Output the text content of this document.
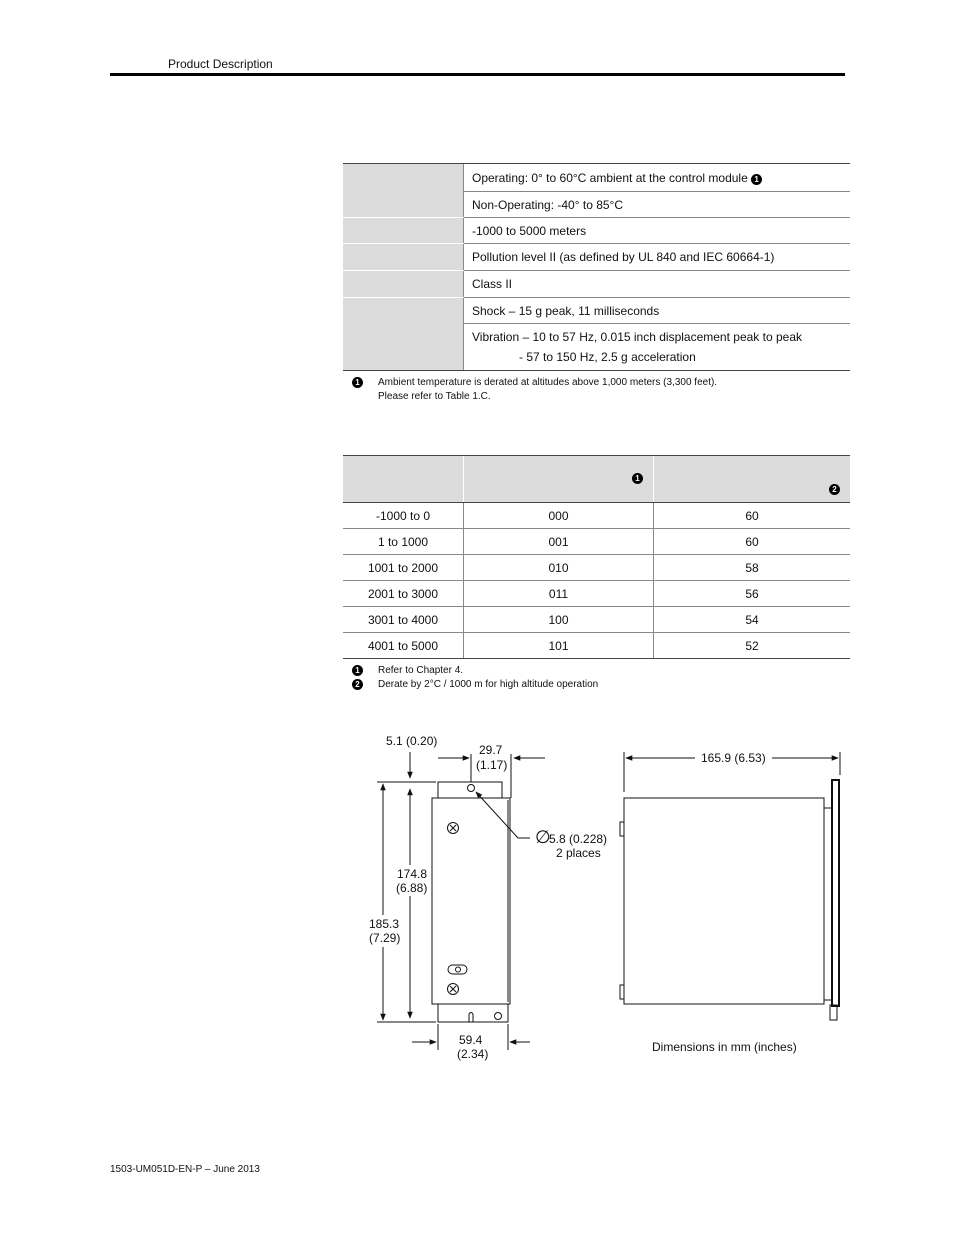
Product Description
	Operating: 0° to 60°C ambient at the control module 1
	Non-Operating: -40° to 85°C
	-1000 to 5000 meters
	Pollution level II (as defined by UL 840 and IEC 60664-1)
	Class II
	Shock – 15 g peak, 11 milliseconds

	Vibration – 10 to 57 Hz, 0.015 inch displacement peak to peak
- 57 to 150 Hz, 2.5 g acceleration
1	Ambient temperature is derated at altitudes above 1,000 meters (3,300 feet).
Please refer to Table 1.C.

	1	2

-1000 to 0	000	60
1 to 1000	001	60
1001 to 2000	010	58
2001 to 3000	011	56
3001 to 4000	100	54
4001 to 5000	101	52
1	Refer to Chapter 4.
2	Derate by 2°C / 1000 m for high altitude operation
5.1 (0.20)
29.7
(1.17)
∅
5.8 (0.228)
2 places
174.8
(6.88)
185.3
(7.29)
59.4
(2.34)
165.9 (6.53)
Dimensions in mm (inches)
1503-UM051D-EN-P – June 2013
